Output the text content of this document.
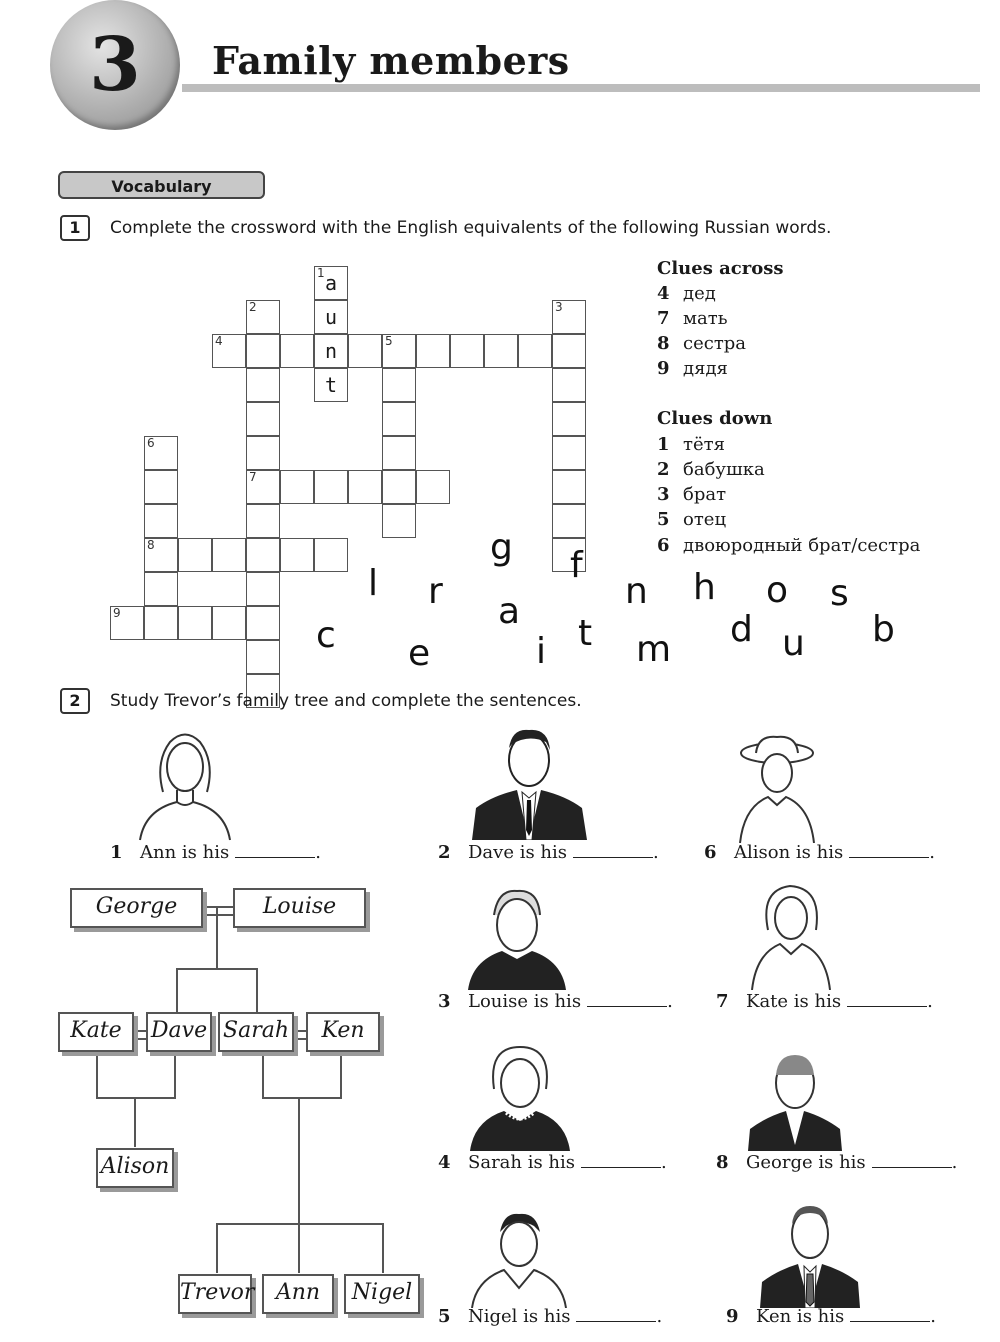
3	Family members
Vocabulary
1	Complete the crossword with the English equivalents of the following Russian words.
1 a
u
n
t
2
7
3
4	5
6
8
9
Clues across
4 дед
7 мать
8 сестра
9 дядя
Clues down
1 тётя
2 бабушка
3 брат
5 отец
6 двоюродный брат/сестра
g f
l r	n h o s
a
c	t	d	b
e	i m	u
2	Study Trevor’s family tree and complete the sentences.
George	Louise
Kate	Dave Sarah	Ken
Alison
Trevor Ann	Nigel
1 Ann is his	.	2 Dave is his	.
3 Louise is his	.
4 Sarah is his	.
5 Nigel is his	.
6 Alison is his	.
7 Kate is his	.
8 George is his	.
9 Ken is his	.
